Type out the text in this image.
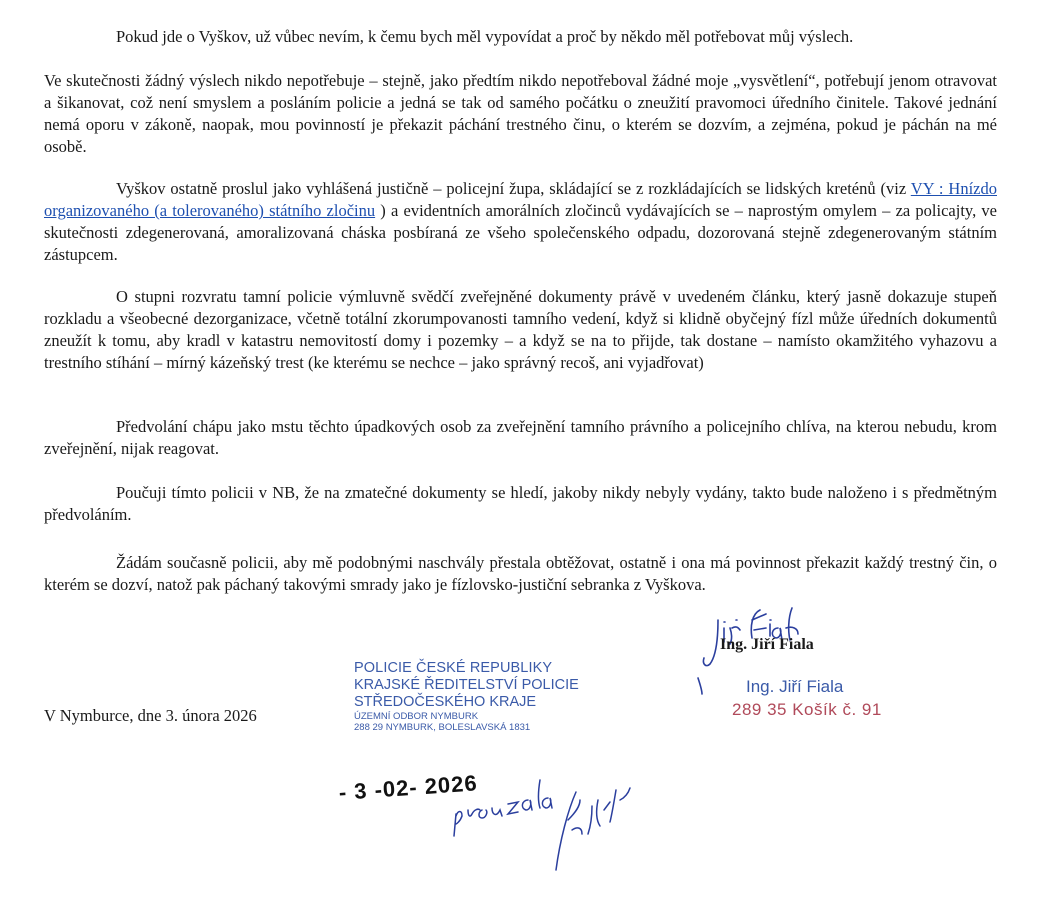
Pokud jde o Vyškov, už vůbec nevím, k čemu bych měl vypovídat a proč by někdo měl potřebovat můj výslech.

Ve skutečnosti žádný výslech nikdo nepotřebuje – stejně, jako předtím nikdo nepotřeboval žádné moje „vysvětlení“, potřebují jenom otravovat a šikanovat, což není smyslem a posláním policie a jedná se tak od samého počátku o zneužití pravomoci úředního činitele. Takové jednání nemá oporu v zákoně, naopak, mou povinností je překazit páchání trestného činu, o kterém se dozvím, a zejména, pokud je páchán na mé osobě.

Vyškov ostatně proslul jako vyhlášená justičně – policejní župa, skládající se z rozkládajících se lidských kreténů (viz VY : Hnízdo organizovaného (a tolerovaného) státního zločinu ) a evidentních amorálních zločinců vydávajících se – naprostým omylem – za policajty, ve skutečnosti zdegenerovaná, amoralizovaná cháska posbíraná ze všeho společenského odpadu, dozorovaná stejně zdegenerovaným státním zástupcem.

O stupni rozvratu tamní policie výmluvně svědčí zveřejněné dokumenty právě v uvedeném článku, který jasně dokazuje stupeň rozkladu a všeobecné dezorganizace, včetně totální zkorumpovanosti tamního vedení, když si klidně obyčejný fízl může úředních dokumentů zneužít k tomu, aby kradl v katastru nemovitostí domy i pozemky – a když se na to přijde, tak dostane – namísto okamžitého vyhazovu a trestního stíhání – mírný kázeňský trest (ke kterému se nechce – jako správný recoš, ani vyjadřovat)

Předvolání chápu jako mstu těchto úpadkových osob za zveřejnění tamního právního a policejního chlíva, na kterou nebudu, krom zveřejnění, nijak reagovat.

Poučuji tímto policii v NB, že na zmatečné dokumenty se hledí, jakoby nikdy nebyly vydány, takto bude naloženo i s předmětným předvoláním.

Žádám současně policii, aby mě podobnými naschvály přestala obtěžovat, ostatně i ona má povinnost překazit každý trestný čin, o kterém se dozví, natož pak páchaný takovými smrady jako je fízlovsko-justiční sebranka z Vyškova.

Ing. Jiří Fiala
POLICIE ČESKÉ REPUBLIKY
KRAJSKÉ ŘEDITELSTVÍ POLICIE
STŘEDOČESKÉHO KRAJE
ÚZEMNÍ ODBOR NYMBURK
288 29 NYMBURK, BOLESLAVSKÁ 1831
Ing. Jiří Fiala
289 35 Košík č. 91
V Nymburce, dne 3. února 2026
- 3 -02- 2026
